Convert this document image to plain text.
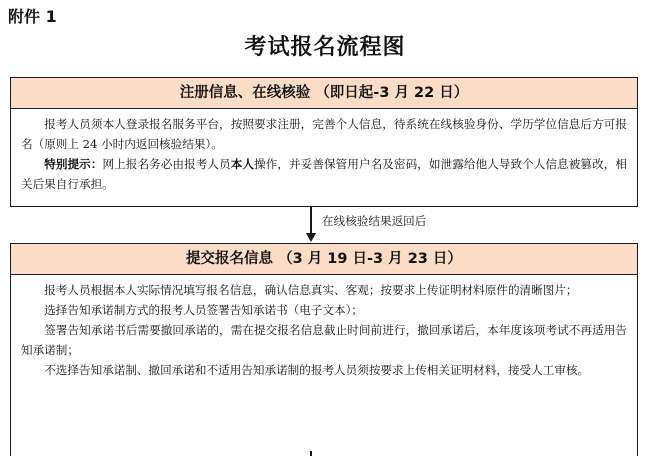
附件 1
考试报名流程图
注册信息、在线核验 （即日起-3 月 22 日）

报考人员须本人登录报名服务平台，按照要求注册，完善个人信息，待系统在线核验身份、学历学位信息后方可报名（原则上 24 小时内返回核验结果）。

特别提示：网上报名务必由报考人员本人操作，并妥善保管用户名及密码，如泄露给他人导致个人信息被篡改，相关后果自行承担。

在线核验结果返回后
提交报名信息 （3 月 19 日-3 月 23 日）

报考人员根据本人实际情况填写报名信息，确认信息真实、客观；按要求上传证明材料原件的清晰图片；

选择告知承诺制方式的报考人员签署告知承诺书（电子文本）；

签署告知承诺书后需要撤回承诺的，需在提交报名信息截止时间前进行，撤回承诺后，本年度该项考试不再适用告知承诺制；

不选择告知承诺制、撤回承诺和不适用告知承诺制的报考人员须按要求上传相关证明材料，接受人工审核。
